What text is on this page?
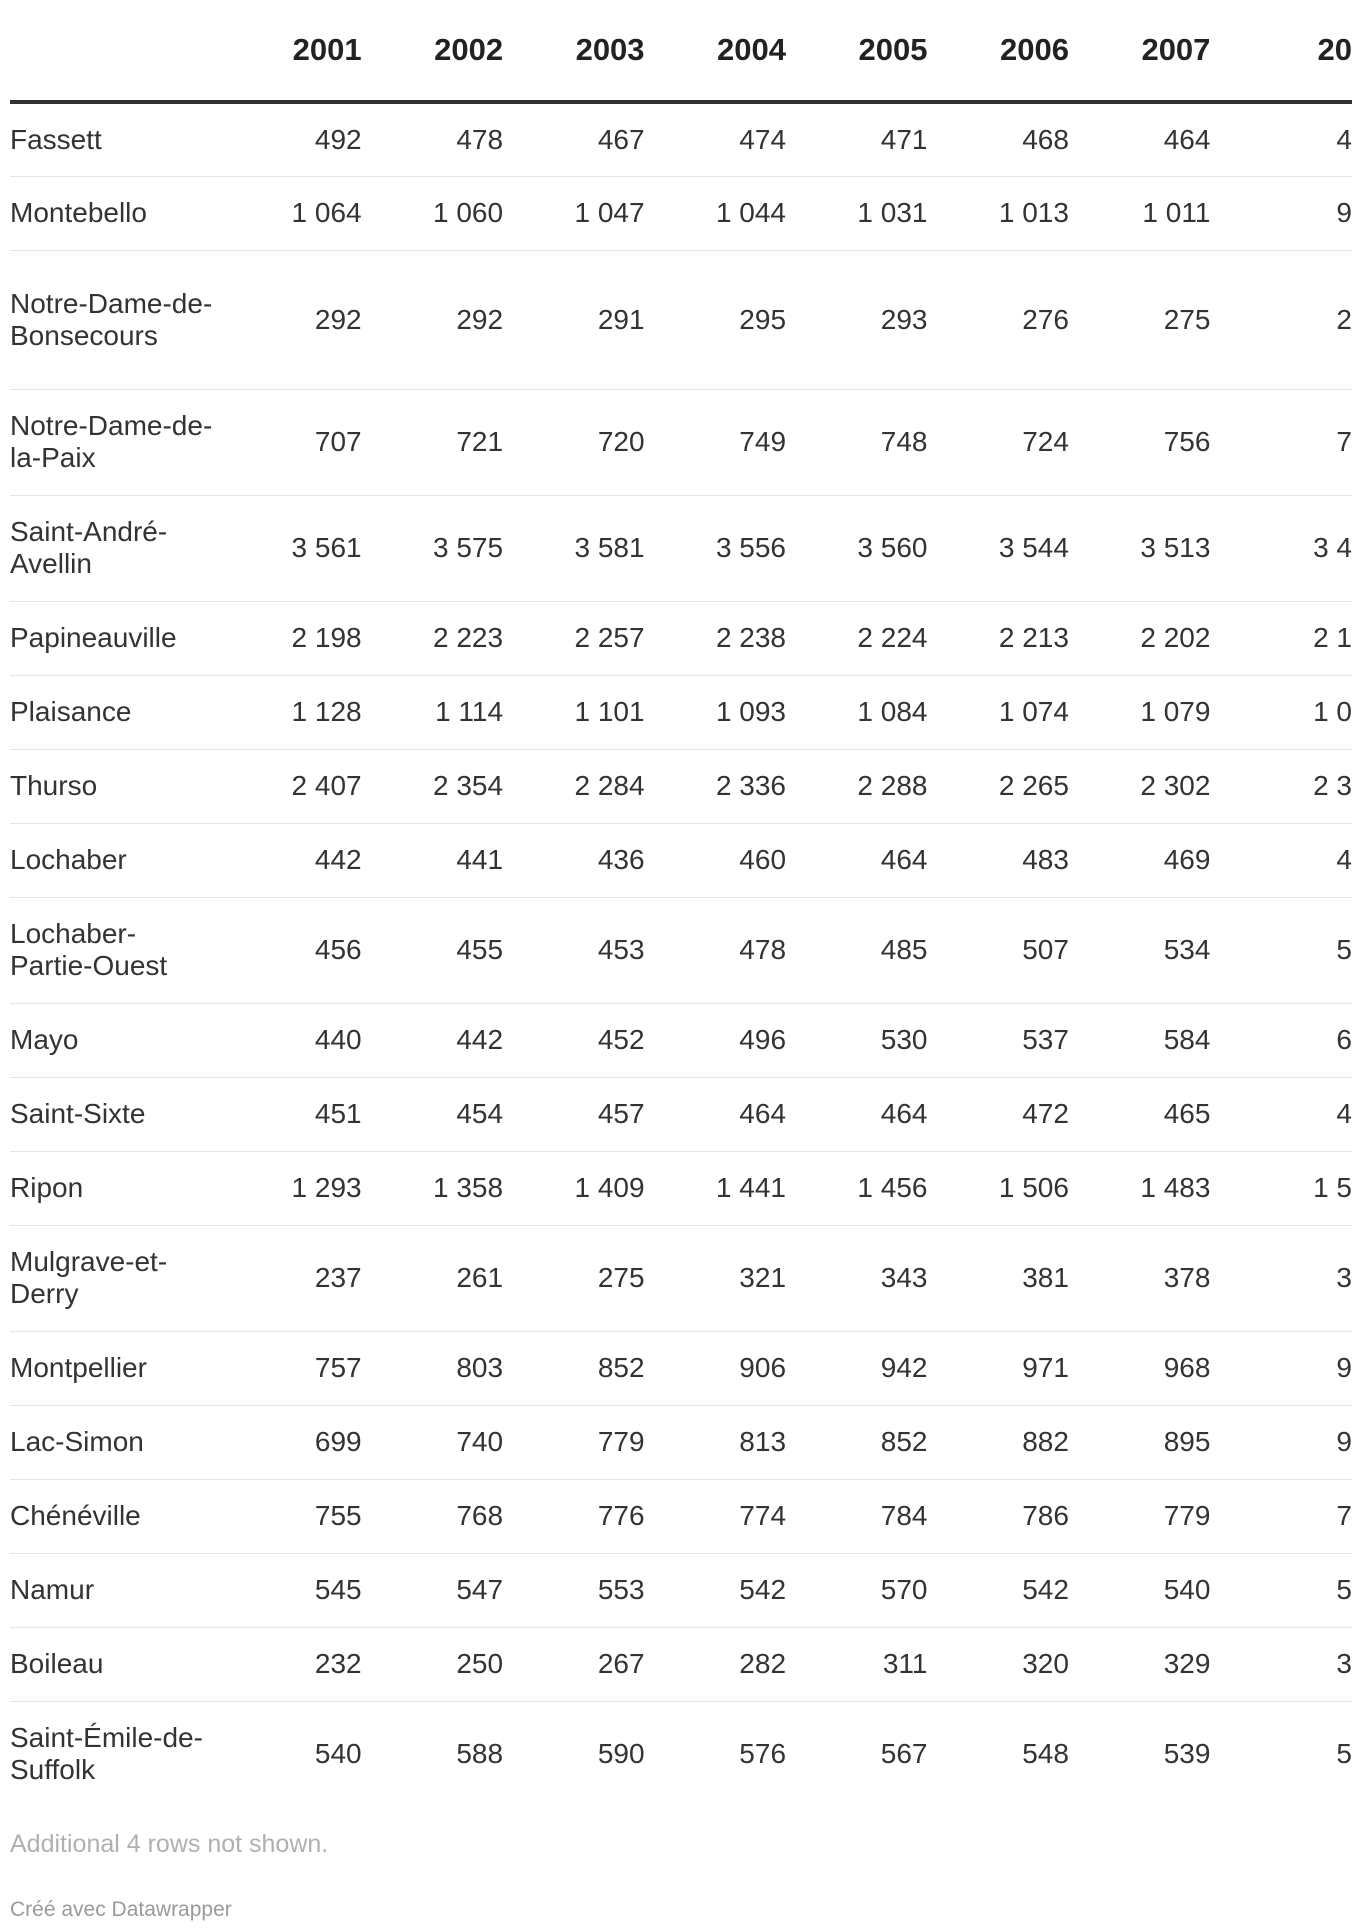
	2001	2002	2003	2004	2005	2006	2007	20
Fassett	492	478	467	474	471	468	464	4
Montebello	1 064	1 060	1 047	1 044	1 031	1 013	1 011	9
Notre-Dame-de-Bonsecours	292	292	291	295	293	276	275	2
Notre-Dame-de-la-Paix	707	721	720	749	748	724	756	7
Saint-André-Avellin	3 561	3 575	3 581	3 556	3 560	3 544	3 513	3 4
Papineauville	2 198	2 223	2 257	2 238	2 224	2 213	2 202	2 1
Plaisance	1 128	1 114	1 101	1 093	1 084	1 074	1 079	1 0
Thurso	2 407	2 354	2 284	2 336	2 288	2 265	2 302	2 3
Lochaber	442	441	436	460	464	483	469	4
Lochaber-Partie-Ouest	456	455	453	478	485	507	534	5
Mayo	440	442	452	496	530	537	584	6
Saint-Sixte	451	454	457	464	464	472	465	4
Ripon	1 293	1 358	1 409	1 441	1 456	1 506	1 483	1 5
Mulgrave-et-Derry	237	261	275	321	343	381	378	3
Montpellier	757	803	852	906	942	971	968	9
Lac-Simon	699	740	779	813	852	882	895	9
Chénéville	755	768	776	774	784	786	779	7
Namur	545	547	553	542	570	542	540	5
Boileau	232	250	267	282	311	320	329	3
Saint-Émile-de-Suffolk	540	588	590	576	567	548	539	5

Additional 4 rows not shown.

Créé avec Datawrapper
